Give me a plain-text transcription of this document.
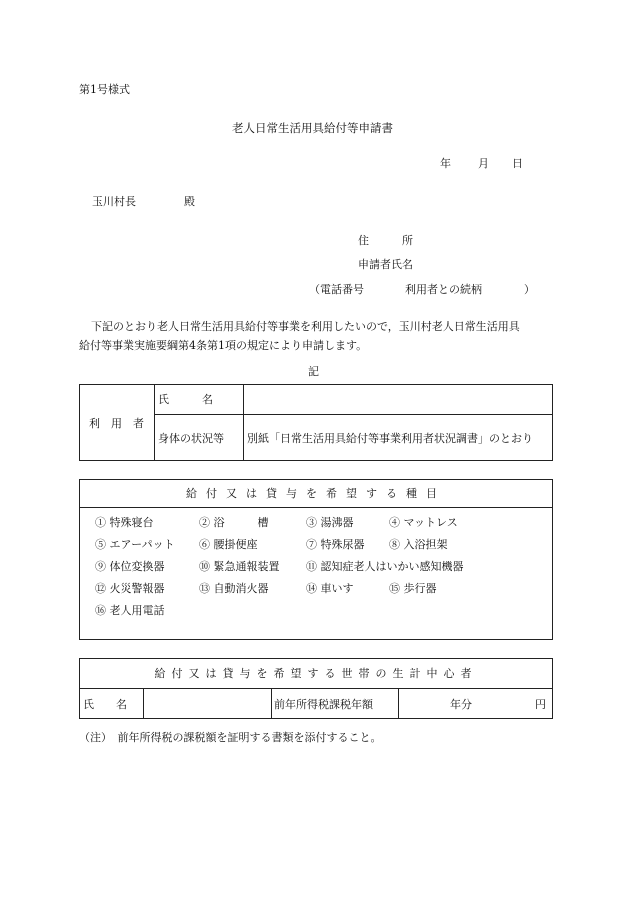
第1号様式
老人日常生活用具給付等申請書
年 月 日
玉川村長	殿
住　　　所
申請者氏名
（電話番号	利用者との続柄	）
下記のとおり老人日常生活用具給付等事業を利用したいので，玉川村老人日常生活用具
給付等事業実施要綱第4条第1項の規定により申請します。
記
利　用　者
氏　　　名
身体の状況等	別紙「日常生活用具給付等事業利用者状況調書」のとおり
給付又は貸与を希望する種目
① 特殊寝台	② 浴　　　槽	③ 湯沸器	④ マットレス
⑤ エアーパット ⑥ 腰掛便座	⑦ 特殊尿器 ⑧ 入浴担架
⑨ 体位変換器	⑩ 緊急通報装置 ⑪ 認知症老人はいかい感知機器
⑫ 火災警報器	⑬ 自動消火器	⑭ 車いす	⑮ 歩行器
⑯ 老人用電話
給付又は貸与を希望する世帯の生計中心者
氏　　名	前年所得税課税年額	年分	円
（注）　前年所得税の課税額を証明する書類を添付すること。
